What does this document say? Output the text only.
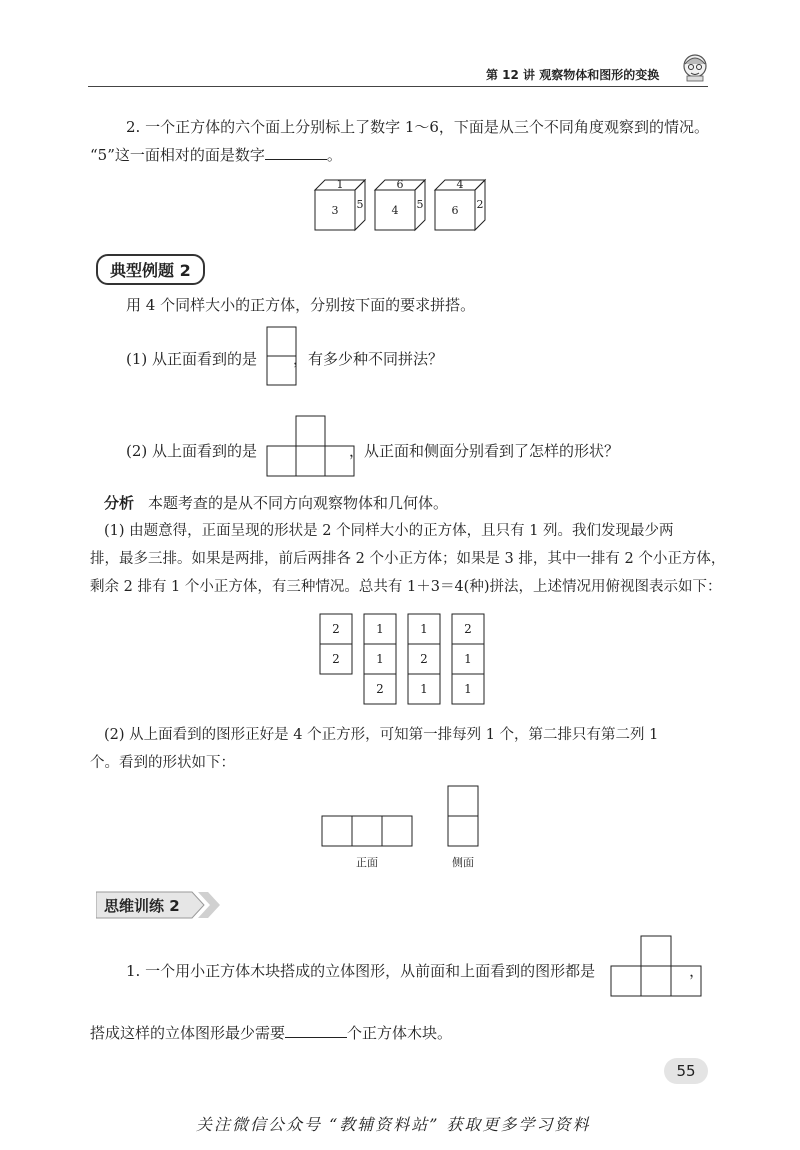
第 12 讲 观察物体和图形的变换
2. 一个正方体的六个面上分别标上了数字 1～6，下面是从三个不同角度观察到的情况。
“5”这一面相对的面是数字	。
1
3 5
6
4 5
4
6 2
典型例题 2
用 4 个同样大小的正方体，分别按下面的要求拼搭。
(1) 从正面看到的是 ，有多少种不同拼法？
(2) 从上面看到的是	，从正面和侧面分别看到了怎样的形状？
分析 本题考查的是从不同方向观察物体和几何体。
(1) 由题意得，正面呈现的形状是 2 个同样大小的正方体，且只有 1 列。我们发现最少两
排，最多三排。如果是两排，前后两排各 2 个小正方体；如果是 3 排，其中一排有 2 个小正方体，
剩余 2 排有 1 个小正方体，有三种情况。总共有 1＋3＝4(种)拼法，上述情况用俯视图表示如下：
2
2
1
1
2
1
2
1
2
1
1
(2) 从上面看到的图形正好是 4 个正方形，可知第一排每列 1 个，第二排只有第二列 1
个。看到的形状如下：
正面	侧面
思维训练 2
1. 一个用小正方体木块搭成的立体图形，从前面和上面看到的图形都是	，
搭成这样的立体图形最少需要	个正方体木块。
55
关注微信公众号 “教辅资料站” 获取更多学习资料
